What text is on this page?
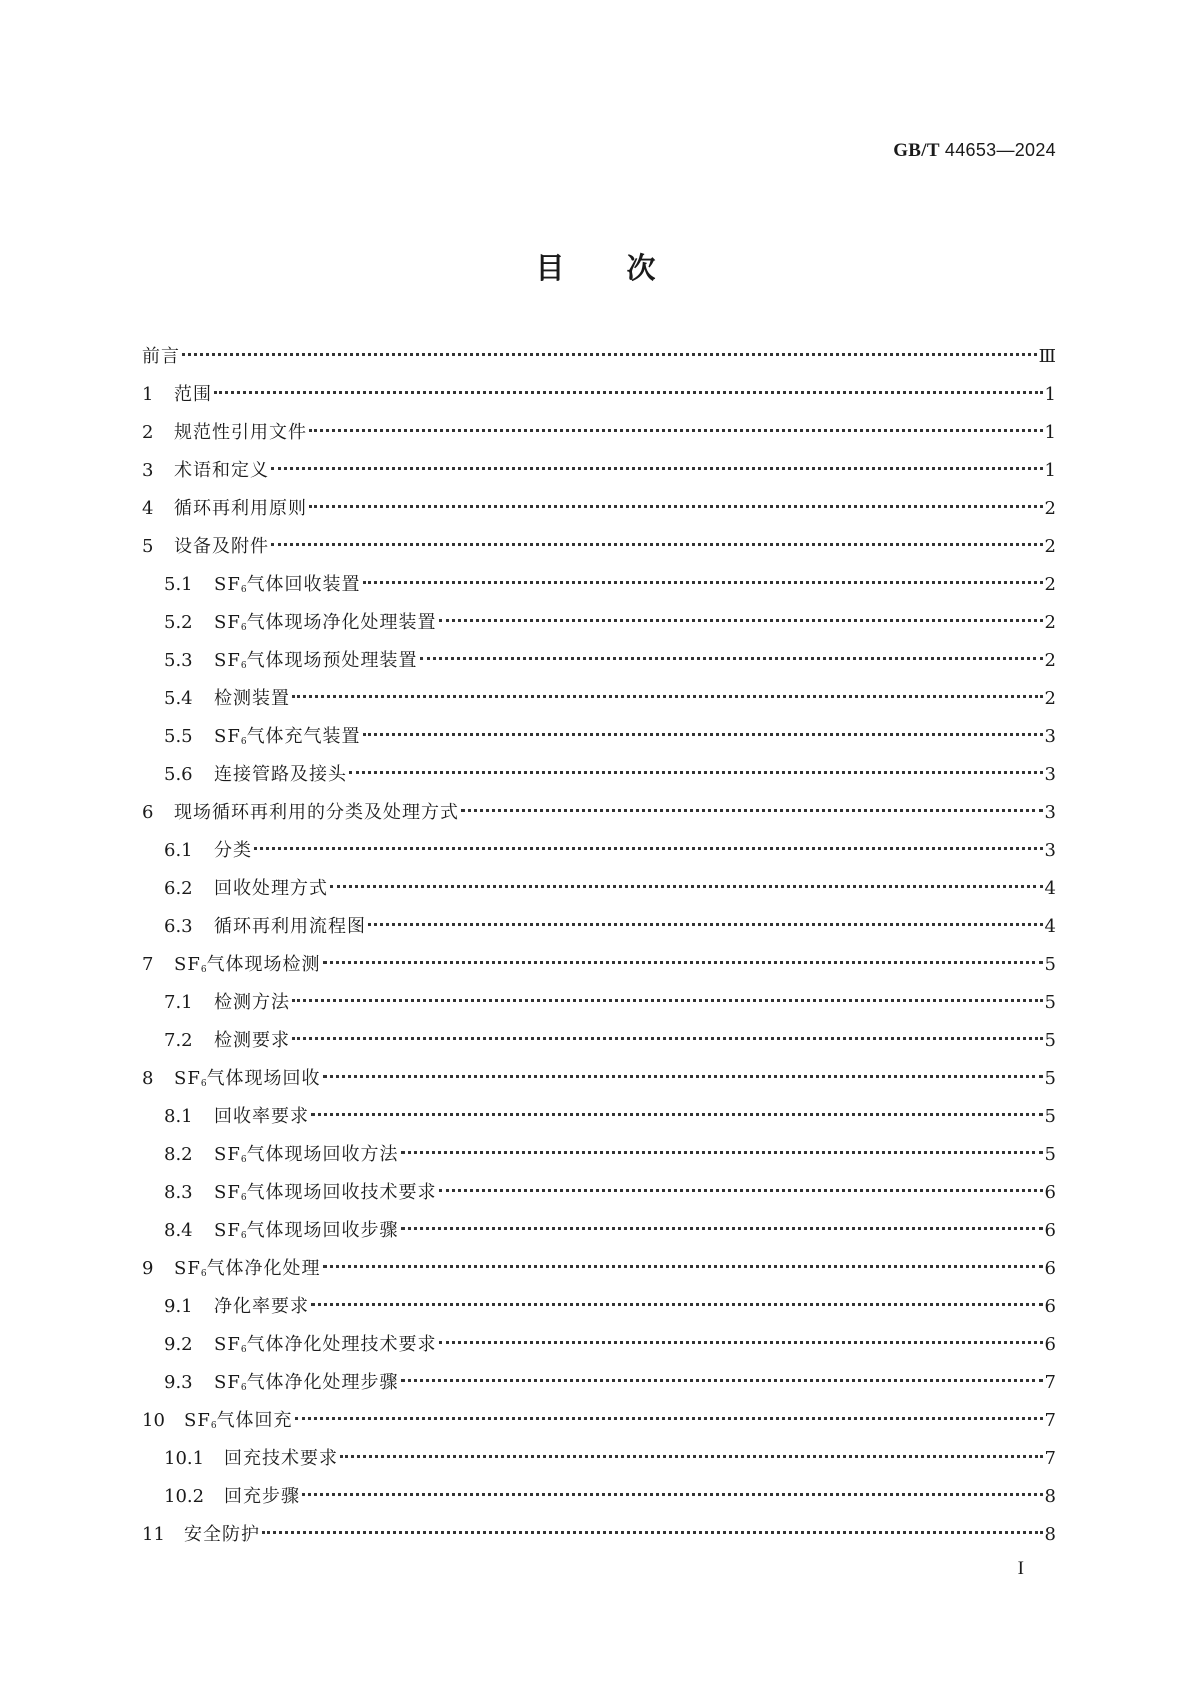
GB/T 44653—2024
目次
前言	Ⅲ
1	范围	1
2	规范性引用文件	1
3	术语和定义	1
4	循环再利用原则	2
5	设备及附件	2
5.1	$SF_6$气体回收装置	2
5.2	$SF_6$气体现场净化处理装置	2
5.3	$SF_6$气体现场预处理装置	2
5.4	检测装置	2
5.5	$SF_6$气体充气装置	3
5.6	连接管路及接头	3
6	现场循环再利用的分类及处理方式	3
6.1	分类	3
6.2	回收处理方式	4
6.3	循环再利用流程图	4
7	$SF_6$气体现场检测	5
7.1	检测方法	5
7.2	检测要求	5
8	$SF_6$气体现场回收	5
8.1	回收率要求	5
8.2	$SF_6$气体现场回收方法	5
8.3	$SF_6$气体现场回收技术要求	6
8.4	$SF_6$气体现场回收步骤	6
9	$SF_6$气体净化处理	6
9.1	净化率要求	6
9.2	$SF_6$气体净化处理技术要求	6
9.3	$SF_6$气体净化处理步骤	7
10	$SF_6$气体回充	7
10.1	回充技术要求	7
10.2	回充步骤	8
11	安全防护	8
I
